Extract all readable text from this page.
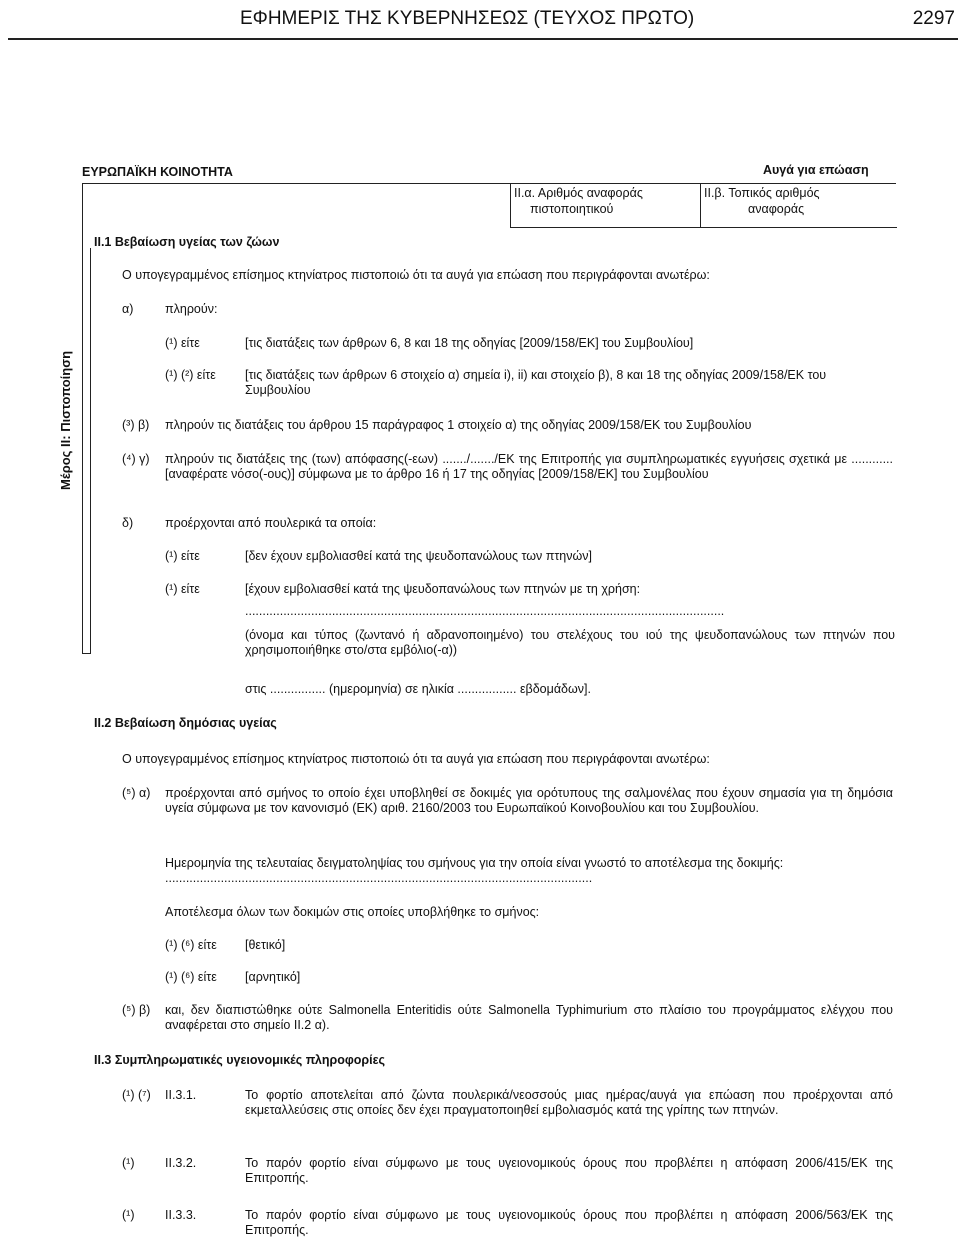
ΕΦΗΜΕΡΙΣ ΤΗΣ ΚΥΒΕΡΝΗΣΕΩΣ (ΤΕΥΧΟΣ ΠΡΩΤΟ)	2297
ΕΥΡΩΠΑΪΚΗ ΚΟΙΝΟΤΗΤΑ	Αυγά για επώαση
II.α. Αριθμός αναφοράς
πιστοποιητικού
II.β. Τοπικός αριθμός
αναφοράς
Μέρος II: Πιστοποίηση
II.1 Βεβαίωση υγείας των ζώων
Ο υπογεγραμμένος επίσημος κτηνίατρος πιστοποιώ ότι τα αυγά για επώαση που περιγράφονται ανωτέρω:
α)	πληρούν:
(¹) είτε	[τις διατάξεις των άρθρων 6, 8 και 18 της οδηγίας [2009/158/ΕΚ] του Συμβουλίου]
(¹) (²) είτε [τις διατάξεις των άρθρων 6 στοιχείο α) σημεία i), ii) και στοιχείο β), 8 και 18 της οδηγίας 2009/158/ΕΚ του Συμβουλίου
(³) β) πληρούν τις διατάξεις του άρθρου 15 παράγραφος 1 στοιχείο α) της οδηγίας 2009/158/ΕΚ του Συμβουλίου
(⁴) γ) πληρούν τις διατάξεις της (των) απόφασης(-εων) ......./......./ΕΚ της Επιτροπής για συμπληρωματικές εγγυήσεις σχετικά με ............ [αναφέρατε νόσο(-ους)] σύμφωνα με το άρθρο 16 ή 17 της οδηγίας [2009/158/ΕΚ] του Συμβουλίου
δ)	προέρχονται από πουλερικά τα οποία:
(¹) είτε	[δεν έχουν εμβολιασθεί κατά της ψευδοπανώλους των πτηνών]
(¹) είτε	[έχουν εμβολιασθεί κατά της ψευδοπανώλους των πτηνών με τη χρήση:
..........................................................................................................................................
(όνομα και τύπος (ζωντανό ή αδρανοποιημένο) του στελέχους του ιού της ψευδοπανώλους των πτηνών που χρησιμοποιήθηκε στο/στα εμβόλιο(-α))
στις ................ (ημερομηνία) σε ηλικία ................. εβδομάδων].
II.2 Βεβαίωση δημόσιας υγείας
Ο υπογεγραμμένος επίσημος κτηνίατρος πιστοποιώ ότι τα αυγά για επώαση που περιγράφονται ανωτέρω:
(⁵) α) προέρχονται από σμήνος το οποίο έχει υποβληθεί σε δοκιμές για ορότυπους της σαλμονέλας που έχουν σημασία για τη δημόσια υγεία σύμφωνα με τον κανονισμό (ΕΚ) αριθ. 2160/2003 του Ευρωπαϊκού Κοινοβουλίου και του Συμβουλίου.
Ημερομηνία της τελευταίας δειγματοληψίας του σμήνους για την οποία είναι γνωστό το αποτέλεσμα της δοκιμής: ...........................................................................................................................
Αποτέλεσμα όλων των δοκιμών στις οποίες υποβλήθηκε το σμήνος:
(¹) (⁶) είτε [θετικό]
(¹) (⁶) είτε [αρνητικό]
(⁵) β) και, δεν διαπιστώθηκε ούτε Salmonella Enteritidis ούτε Salmonella Typhimurium στο πλαίσιο του προγράμματος ελέγχου που αναφέρεται στο σημείο II.2 α).
II.3 Συμπληρωματικές υγειονομικές πληροφορίες
(¹) (⁷) II.3.1.	Το φορτίο αποτελείται από ζώντα πουλερικά/νεοσσούς μιας ημέρας/αυγά για επώαση που προέρχονται από εκμεταλλεύσεις στις οποίες δεν έχει πραγματοποιηθεί εμβολιασμός κατά της γρίπης των πτηνών.
(¹) II.3.2.	Το παρόν φορτίο είναι σύμφωνο με τους υγειονομικούς όρους που προβλέπει η απόφαση 2006/415/ΕΚ της Επιτροπής.
(¹) II.3.3.	Το παρόν φορτίο είναι σύμφωνο με τους υγειονομικούς όρους που προβλέπει η απόφαση 2006/563/ΕΚ της Επιτροπής.
